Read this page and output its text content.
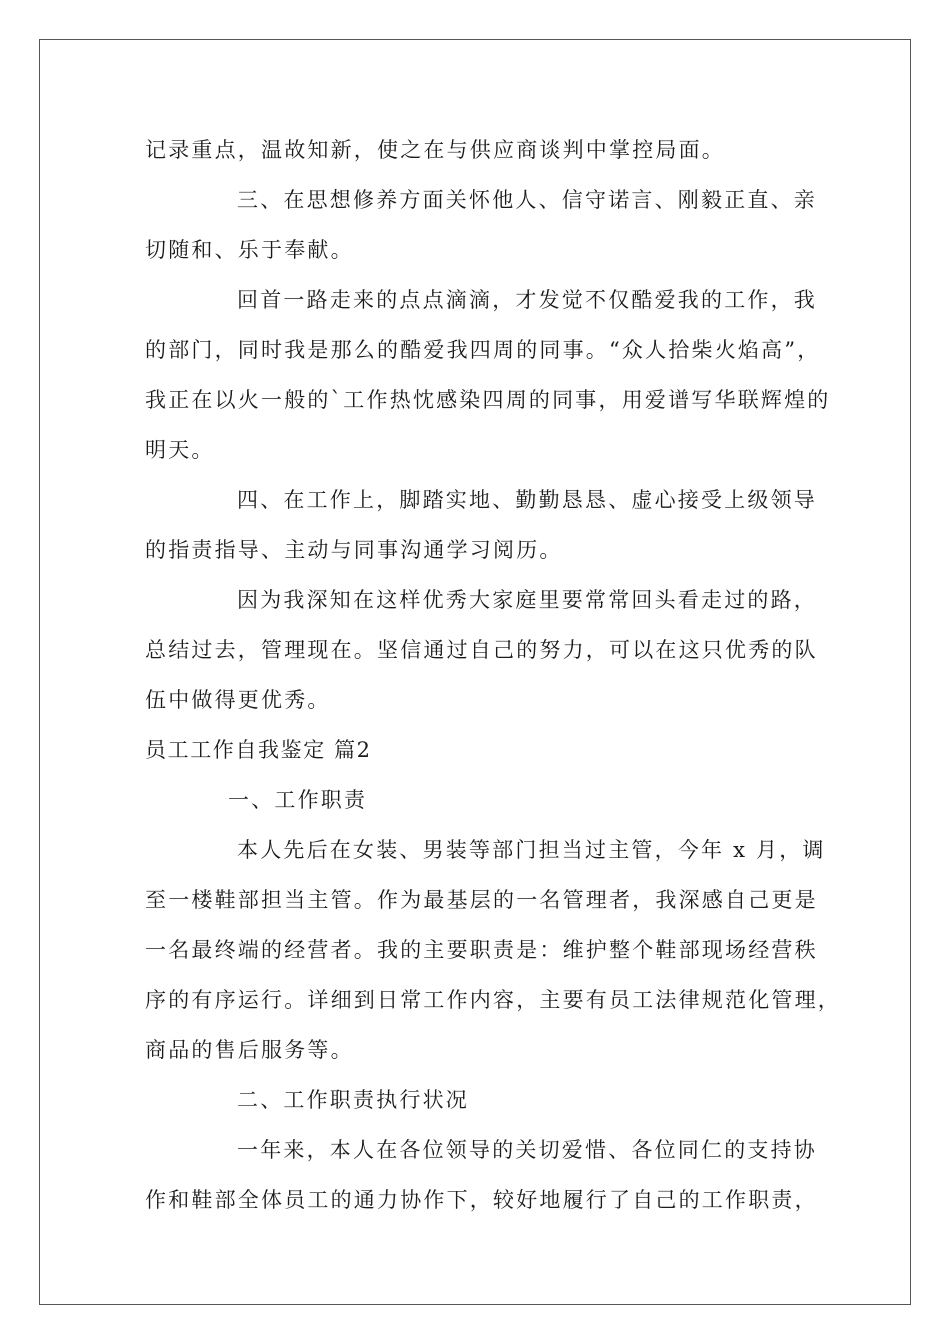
记录重点，温故知新，使之在与供应商谈判中掌控局面。
三、在思想修养方面关怀他人、信守诺言、刚毅正直、亲
切随和、乐于奉献。
回首一路走来的点点滴滴，才发觉不仅酷爱我的工作，我
的部门，同时我是那么的酷爱我四周的同事。“众人拾柴火焰高”，
我正在以火一般的`工作热忱感染四周的同事，用爱谱写华联辉煌的
明天。
四、在工作上，脚踏实地、勤勤恳恳、虚心接受上级领导
的指责指导、主动与同事沟通学习阅历。
因为我深知在这样优秀大家庭里要常常回头看走过的路，
总结过去，管理现在。坚信通过自己的努力，可以在这只优秀的队
伍中做得更优秀。
员工工作自我鉴定 篇2
一、工作职责
本人先后在女装、男装等部门担当过主管，今年 x 月，调
至一楼鞋部担当主管。作为最基层的一名管理者，我深感自己更是
一名最终端的经营者。我的主要职责是：维护整个鞋部现场经营秩
序的有序运行。详细到日常工作内容，主要有员工法律规范化管理，
商品的售后服务等。
二、工作职责执行状况
一年来，本人在各位领导的关切爱惜、各位同仁的支持协
作和鞋部全体员工的通力协作下，较好地履行了自己的工作职责，
